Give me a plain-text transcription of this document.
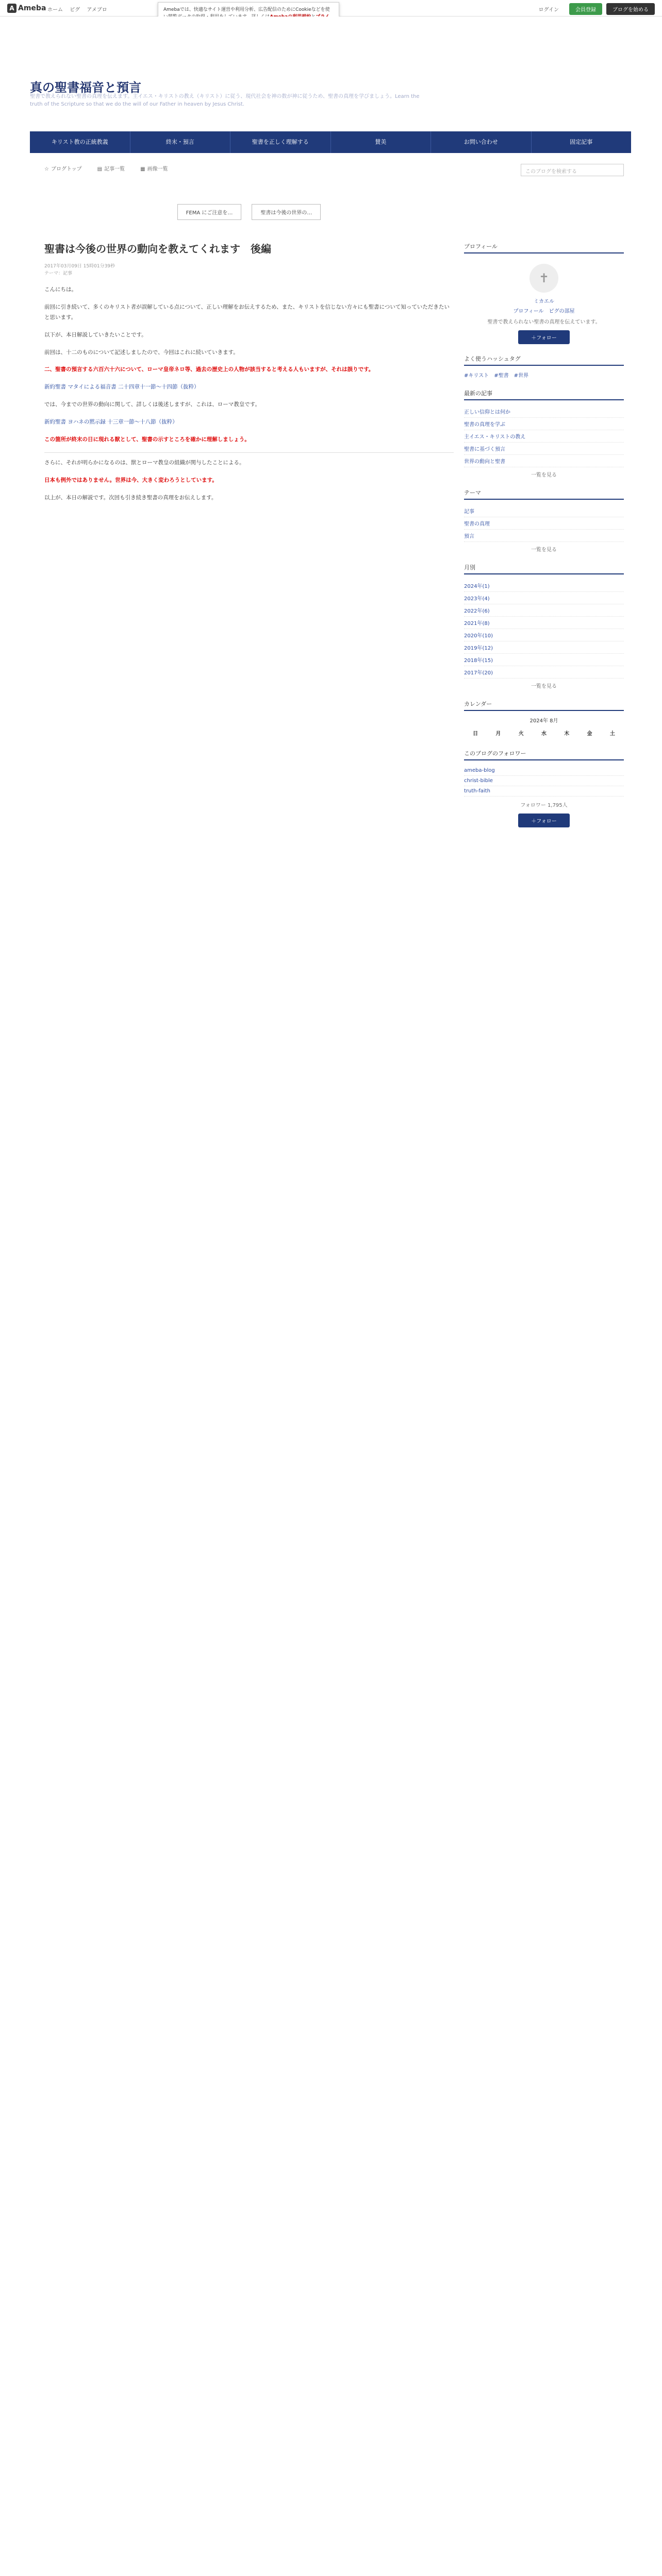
A Ameba ホーム ピグ アメブロ	ログイン	会員登録	ブログを始める
Amebaでは、快適なサイト運営や利用分析、広告配信のためにCookieなどを使
真の聖書福音と預言
聖書で教えられない聖書の真理を伝えます。主イエス・キリストの教え（キリスト）に従う、現代社会を神の数が神に従うため、聖書の真理を学びましょう。Learn the truth of the Scripture so that we do the will of our Father in heaven by Jesus Christ.
キリスト教の正統教義	終末・預言	聖書を正しく理解する	賛美	お問い合わせ	固定記事
このブログを検索する
☆ ブログトップ	▤ 記事一覧	▦ 画像一覧
FEMA にご注意を…	聖書は今後の世界の…
聖書は今後の世界の動向を教えてくれます　後編
2017年03月09日 15時01分39秒
テーマ：記事

こんにちは。

前回に引き続いて、多くのキリスト者が誤解している点について、正しい理解をお伝えするため、また、キリストを信じない方々にも聖書について知っていただきたいと思います。

以下が、本日解説していきたいことです。

前回は、十二のものについて記述しましたので、今回はこれに続いていきます。

二、聖書の預言する六百六十六について、ローマ皇帝ネロ等、過去の歴史上の人物が該当すると考える人もいますが、それは誤りです。

新約聖書 マタイによる福音書 二十四章十一節～十四節（抜粋）

では、今までの世界の動向に関して、詳しくは後述しますが、これは、ローマ教皇です。

新約聖書 ヨハネの黙示録 十三章一節～十八節（抜粋）

この箇所が終末の日に現れる獣として、聖書の示すところを確かに理解しましょう。

さらに、それが明らかになるのは、獣とローマ教皇の組織が関与したことによる。

日本も例外ではありません。世界は今、大きく変わろうとしています。

以上が、本日の解説です。次回も引き続き聖書の真理をお伝えします。

プロフィール
✝
ミカエル
プロフィール　 ピグの部屋
聖書で教えられない聖書の真理を伝えています。
＋フォロー
よく使うハッシュタグ
#キリスト #聖書 #世界
最新の記事
正しい信仰とは何か
聖書の真理を学ぶ
主イエス・キリストの教え
聖書に基づく預言
世界の動向と聖書
一覧を見る
テーマ
記事
聖書の真理
預言
一覧を見る
月別
2024年(1)
2023年(4)
2022年(6)
2021年(8)
2020年(10)
2019年(12)
2018年(15)
2017年(20)
一覧を見る
カレンダー
2024年 8月
日	月	火	水	木	金	土
このブログのフォロワー
ameba-blog
christ-bible
truth-faith
フォロワー 1,795人
＋フォロー
